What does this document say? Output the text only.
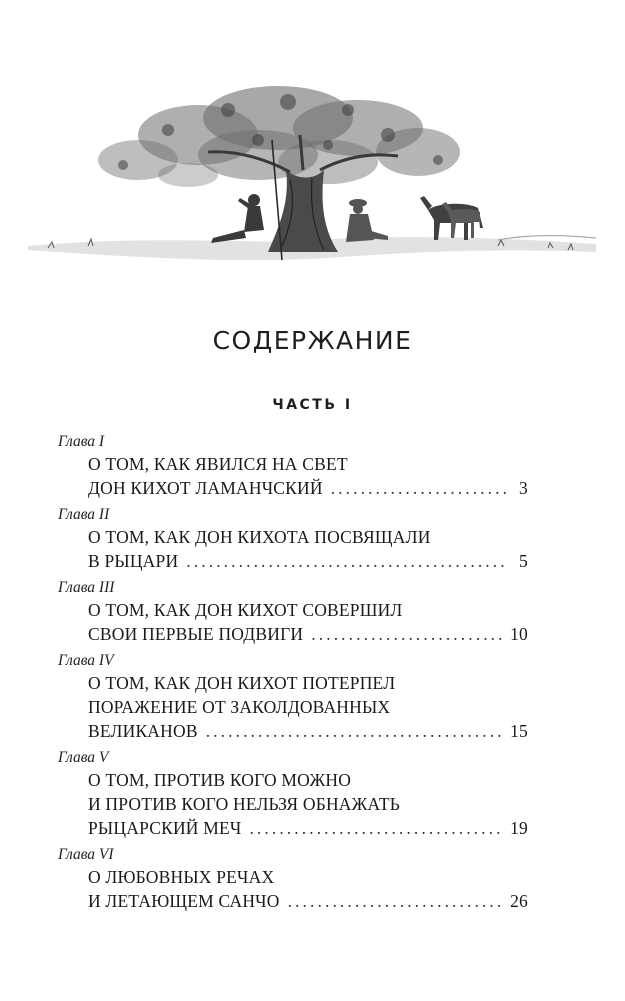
СОДЕРЖАНИЕ
ЧАСТЬ I
Глава I
О ТОМ, КАК ЯВИЛСЯ НА СВЕТ
ДОН КИХОТ ЛАМАНЧСКИЙ .....	3
Глава II
О ТОМ, КАК ДОН КИХОТА ПОСВЯЩАЛИ
В РЫЦАРИ .....	5
Глава III
О ТОМ, КАК ДОН КИХОТ СОВЕРШИЛ
СВОИ ПЕРВЫЕ ПОДВИГИ .....	10
Глава IV
О ТОМ, КАК ДОН КИХОТ ПОТЕРПЕЛ
ПОРАЖЕНИЕ ОТ ЗАКОЛДОВАННЫХ
ВЕЛИКАНОВ .....	15
Глава V
О ТОМ, ПРОТИВ КОГО МОЖНО
И ПРОТИВ КОГО НЕЛЬЗЯ ОБНАЖАТЬ
РЫЦАРСКИЙ МЕЧ .....	19
Глава VI
О ЛЮБОВНЫХ РЕЧАХ
И ЛЕТАЮЩЕМ САНЧО .....	26
